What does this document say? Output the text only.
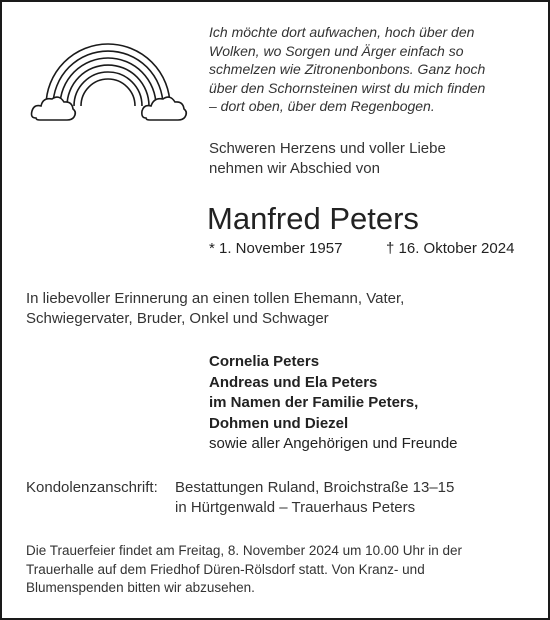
Ich möchte dort aufwachen, hoch über den
Wolken, wo Sorgen und Ärger einfach so
schmelzen wie Zitronenbonbons. Ganz hoch
über den Schornsteinen wirst du mich finden
– dort oben, über dem Regenbogen.

Schweren Herzens und voller Liebe
nehmen wir Abschied von

Manfred Peters
* 1. November 1957	† 16. Oktober 2024

In liebevoller Erinnerung an einen tollen Ehemann, Vater,
Schwiegervater, Bruder, Onkel und Schwager

Cornelia Peters
Andreas und Ela Peters
im Namen der Familie Peters,
Dohmen und Diezel
sowie aller Angehörigen und Freunde

Kondolenzanschrift: Bestattungen Ruland, Broichstraße 13–15
in Hürtgenwald – Trauerhaus Peters

Die Trauerfeier findet am Freitag, 8. November 2024 um 10.00 Uhr in der
Trauerhalle auf dem Friedhof Düren-Rölsdorf statt. Von Kranz- und
Blumenspenden bitten wir abzusehen.
